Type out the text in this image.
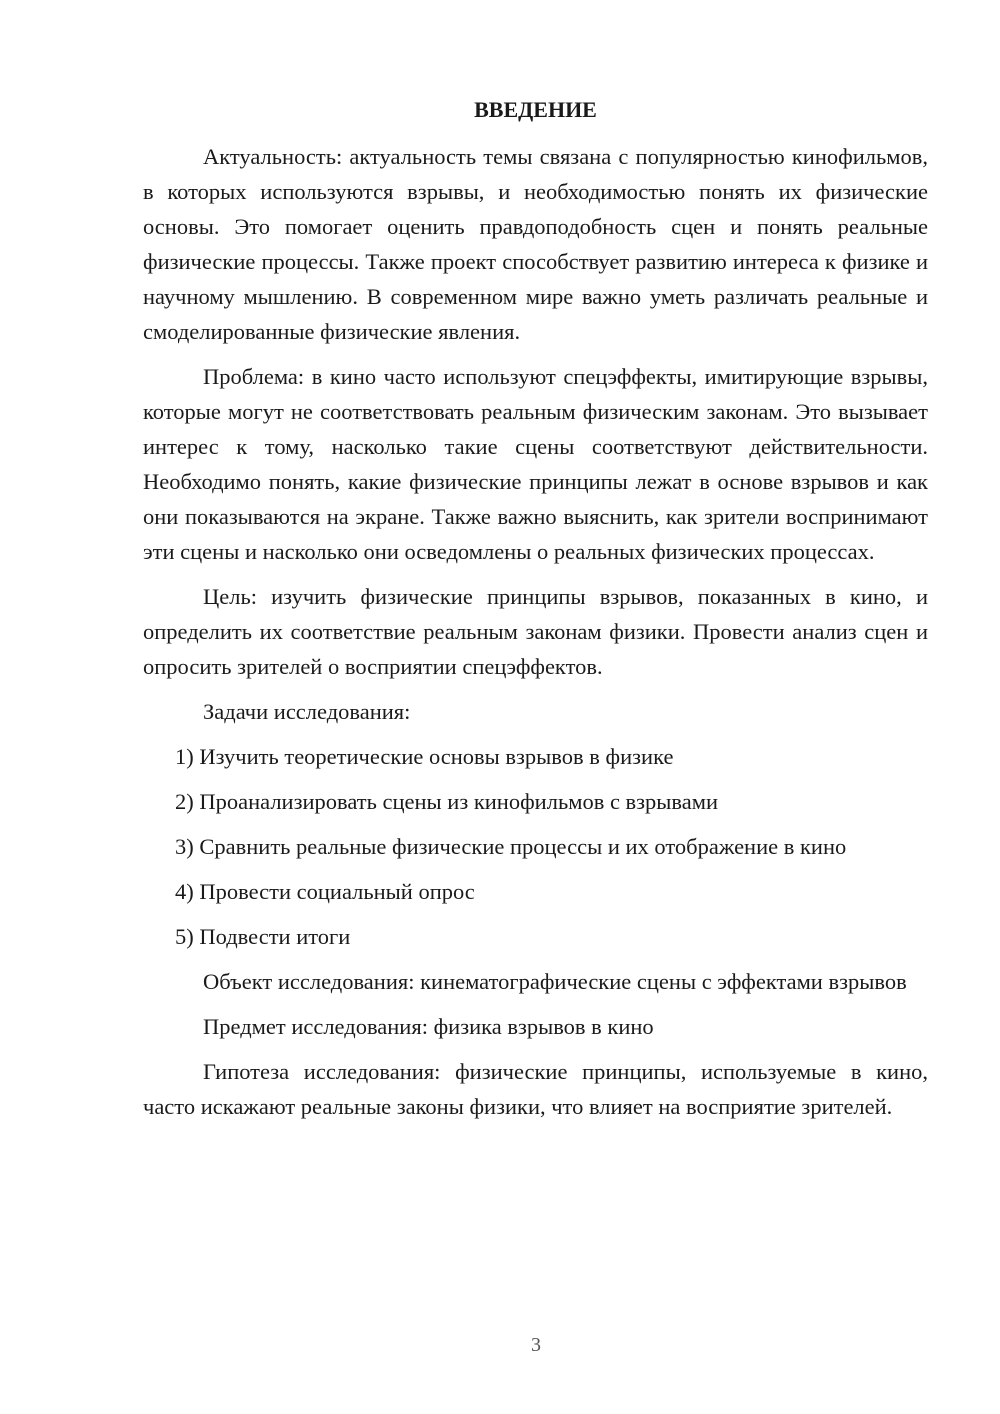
ВВЕДЕНИЕ

Актуальность: актуальность темы связана с популярностью кинофильмов, в которых используются взрывы, и необходимостью понять их физические основы. Это помогает оценить правдоподобность сцен и понять реальные физические процессы. Также проект способствует развитию интереса к физике и научному мышлению. В современном мире важно уметь различать реальные и смоделированные физические явления.

Проблема: в кино часто используют спецэффекты, имитирующие взрывы, которые могут не соответствовать реальным физическим законам. Это вызывает интерес к тому, насколько такие сцены соответствуют действительности. Необходимо понять, какие физические принципы лежат в основе взрывов и как они показываются на экране. Также важно выяснить, как зрители воспринимают эти сцены и насколько они осведомлены о реальных физических процессах.

Цель: изучить физические принципы взрывов, показанных в кино, и определить их соответствие реальным законам физики. Провести анализ сцен и опросить зрителей о восприятии спецэффектов.

Задачи исследования:

1) Изучить теоретические основы взрывов в физике
2) Проанализировать сцены из кинофильмов с взрывами
3) Сравнить реальные физические процессы и их отображение в кино
4) Провести социальный опрос
5) Подвести итоги

Объект исследования: кинематографические сцены с эффектами взрывов

Предмет исследования: физика взрывов в кино

Гипотеза исследования: физические принципы, используемые в кино, часто искажают реальные законы физики, что влияет на восприятие зрителей.

3
